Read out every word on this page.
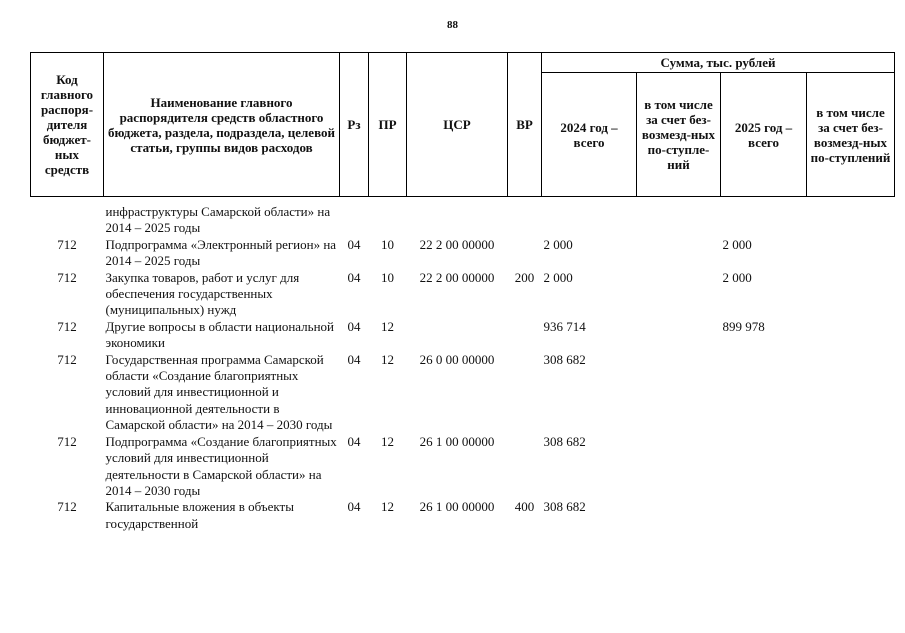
88
Код главного распоря-дителя бюджет-ных средств	Наименование главного распорядителя средств областного бюджета, раздела, подраздела, целевой статьи, группы видов расходов	Рз	ПР	ЦСР	ВР	Сумма, тыс. рублей			
						2024 год – всего	в том числе за счет без-возмезд-ных по-ступле-ний	2025 год – всего	в том числе за счет без-возмезд-ных по-ступлений

	инфраструктуры Самарской области» на 2014 – 2025 годы								
712	Подпрограмма «Электронный регион» на 2014 – 2025 годы	04	10	22 2 00 00000		2 000		2 000	
712	Закупка товаров, работ и услуг для обеспечения государственных (муниципальных) нужд	04	10	22 2 00 00000	200	2 000		2 000	
712	Другие вопросы в области национальной экономики	04	12			936 714		899 978	
712	Государственная программа Самарской области «Создание благоприятных условий для инвестиционной и инновационной деятельности в Самарской области» на 2014 – 2030 годы	04	12	26 0 00 00000		308 682			
712	Подпрограмма «Создание благоприятных условий для инвестиционной деятельности в Самарской области» на 2014 – 2030 годы	04	12	26 1 00 00000		308 682			
712	Капитальные вложения в объекты государственной	04	12	26 1 00 00000	400	308 682			
